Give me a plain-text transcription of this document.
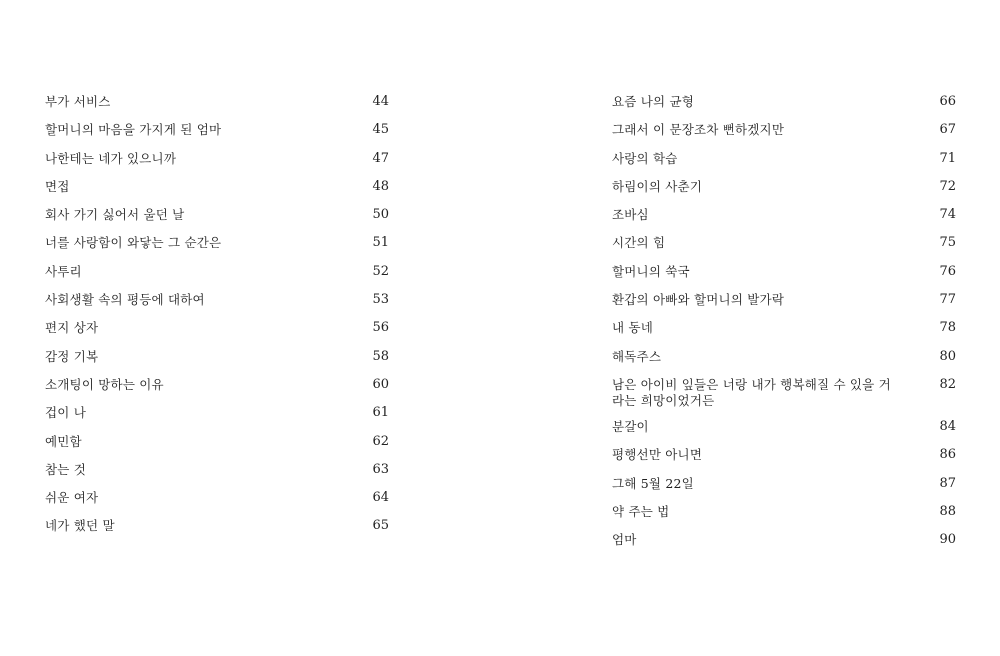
부가 서비스	44
할머니의 마음을 가지게 된 엄마	45
나한테는 네가 있으니까	47
면접	48
회사 가기 싫어서 울던 날	50
너를 사랑함이 와닿는 그 순간은	51
사투리	52
사회생활 속의 평등에 대하여	53
편지 상자	56
감정 기복	58
소개팅이 망하는 이유	60
겁이 나	61
예민함	62
참는 것	63
쉬운 여자	64
네가 했던 말	65
요즘 나의 균형	66
그래서 이 문장조차 뻔하겠지만	67
사랑의 학습	71
하림이의 사춘기	72
조바심	74
시간의 힘	75
할머니의 쑥국	76
환갑의 아빠와 할머니의 발가락	77
내 동네	78
해독주스	80
남은 아이비 잎들은 너랑 내가 행복해질 수 있을 거라는 희망이었거든
82
분갈이	84
평행선만 아니면	86
그해 5월 22일	87
약 주는 법	88
엄마	90
